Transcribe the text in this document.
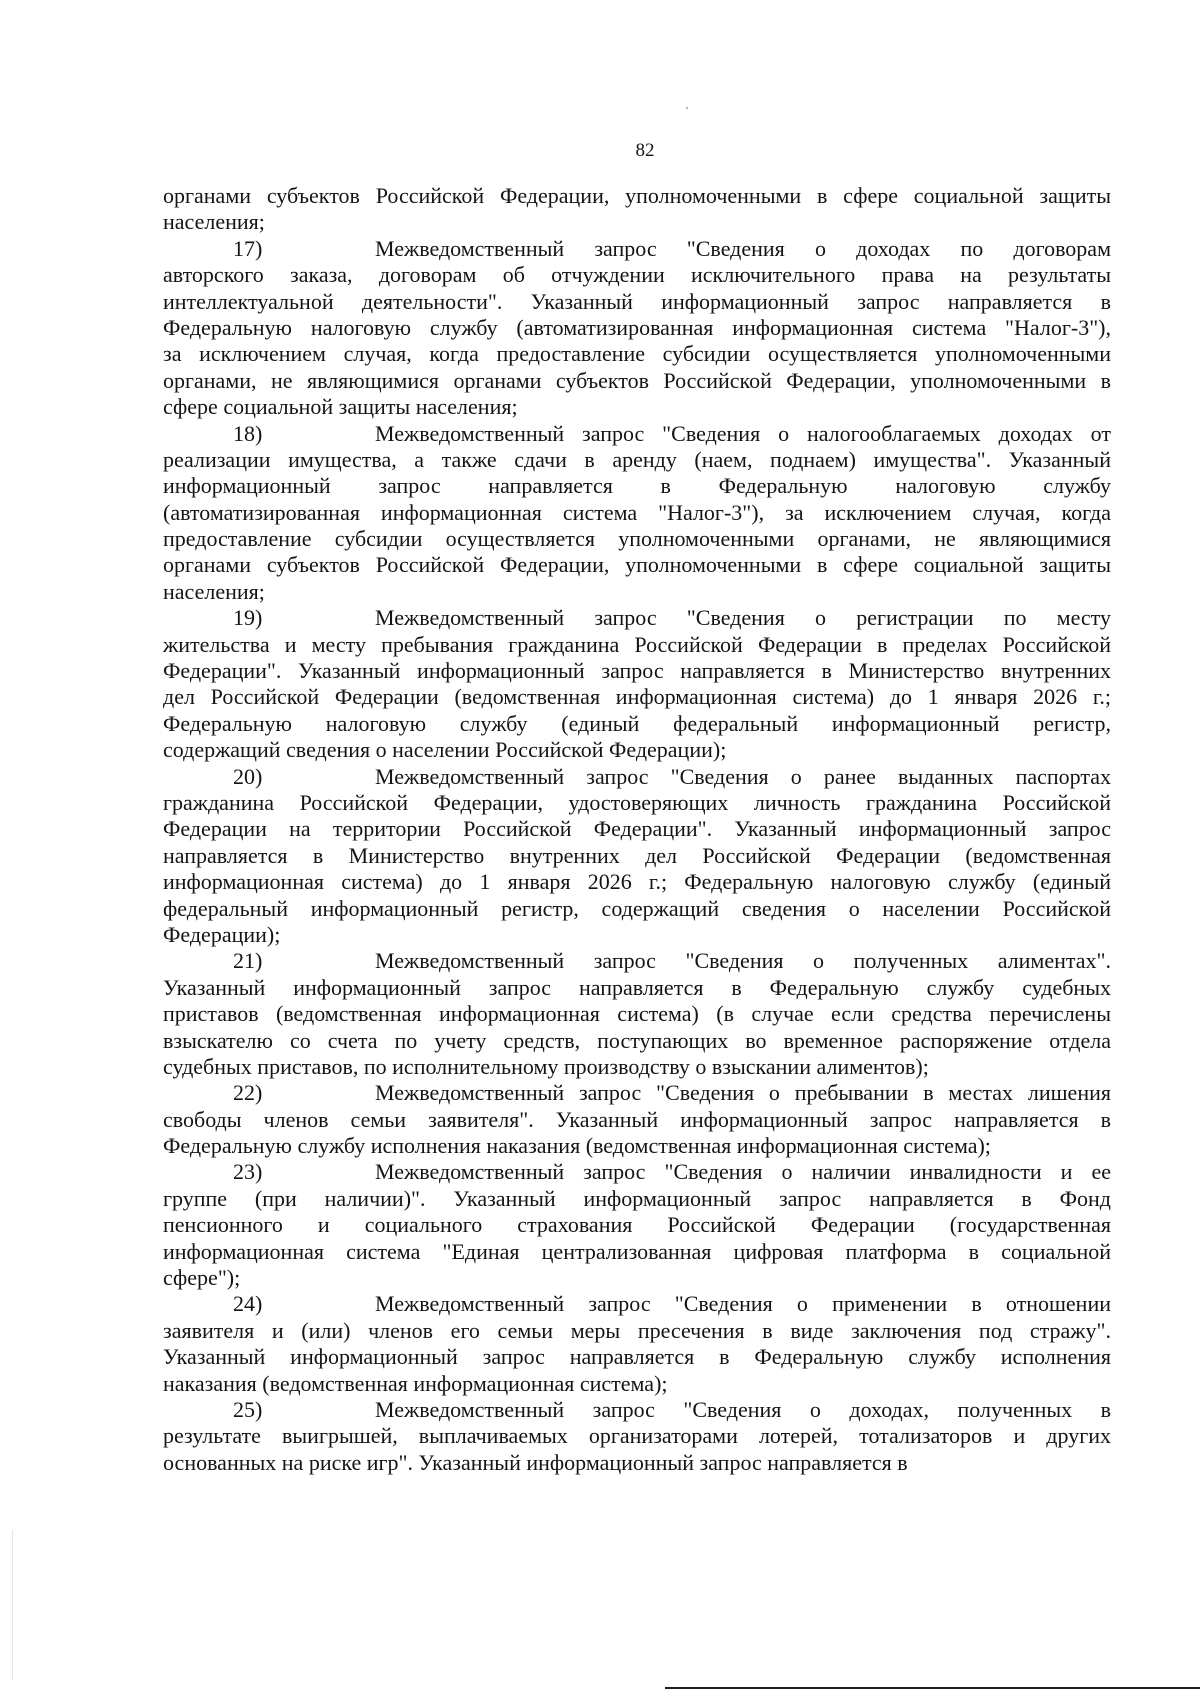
82
органами субъектов Российской Федерации, уполномоченными в сфере социальной защиты
населения;
17)	Межведомственный запрос "Сведения о доходах по договорам
авторского заказа, договорам об отчуждении исключительного права на результаты
интеллектуальной деятельности". Указанный информационный запрос направляется в
Федеральную налоговую службу (автоматизированная информационная система "Налог-3"),
за исключением случая, когда предоставление субсидии осуществляется уполномоченными
органами, не являющимися органами субъектов Российской Федерации, уполномоченными в
сфере социальной защиты населения;
18)	Межведомственный запрос "Сведения о налогооблагаемых доходах от
реализации имущества, а также сдачи в аренду (наем, поднаем) имущества". Указанный
информационный запрос направляется в Федеральную налоговую службу
(автоматизированная информационная система "Налог-3"), за исключением случая, когда
предоставление субсидии осуществляется уполномоченными органами, не являющимися
органами субъектов Российской Федерации, уполномоченными в сфере социальной защиты
населения;
19)	Межведомственный запрос "Сведения о регистрации по месту
жительства и месту пребывания гражданина Российской Федерации в пределах Российской
Федерации". Указанный информационный запрос направляется в Министерство внутренних
дел Российской Федерации (ведомственная информационная система) до 1 января 2026 г.;
Федеральную налоговую службу (единый федеральный информационный регистр,
содержащий сведения о населении Российской Федерации);
20)	Межведомственный запрос "Сведения о ранее выданных паспортах
гражданина Российской Федерации, удостоверяющих личность гражданина Российской
Федерации на территории Российской Федерации". Указанный информационный запрос
направляется в Министерство внутренних дел Российской Федерации (ведомственная
информационная система) до 1 января 2026 г.; Федеральную налоговую службу (единый
федеральный информационный регистр, содержащий сведения о населении Российской
Федерации);
21)	Межведомственный запрос "Сведения о полученных алиментах".
Указанный информационный запрос направляется в Федеральную службу судебных
приставов (ведомственная информационная система) (в случае если средства перечислены
взыскателю со счета по учету средств, поступающих во временное распоряжение отдела
судебных приставов, по исполнительному производству о взыскании алиментов);
22)	Межведомственный запрос "Сведения о пребывании в местах лишения
свободы членов семьи заявителя". Указанный информационный запрос направляется в
Федеральную службу исполнения наказания (ведомственная информационная система);
23)	Межведомственный запрос "Сведения о наличии инвалидности и ее
группе (при наличии)". Указанный информационный запрос направляется в Фонд
пенсионного и социального страхования Российской Федерации (государственная
информационная система "Единая централизованная цифровая платформа в социальной
сфере");
24)	Межведомственный запрос "Сведения о применении в отношении
заявителя и (или) членов его семьи меры пресечения в виде заключения под стражу".
Указанный информационный запрос направляется в Федеральную службу исполнения
наказания (ведомственная информационная система);
25)	Межведомственный запрос "Сведения о доходах, полученных в
результате выигрышей, выплачиваемых организаторами лотерей, тотализаторов и других
основанных на риске игр". Указанный информационный запрос направляется в
